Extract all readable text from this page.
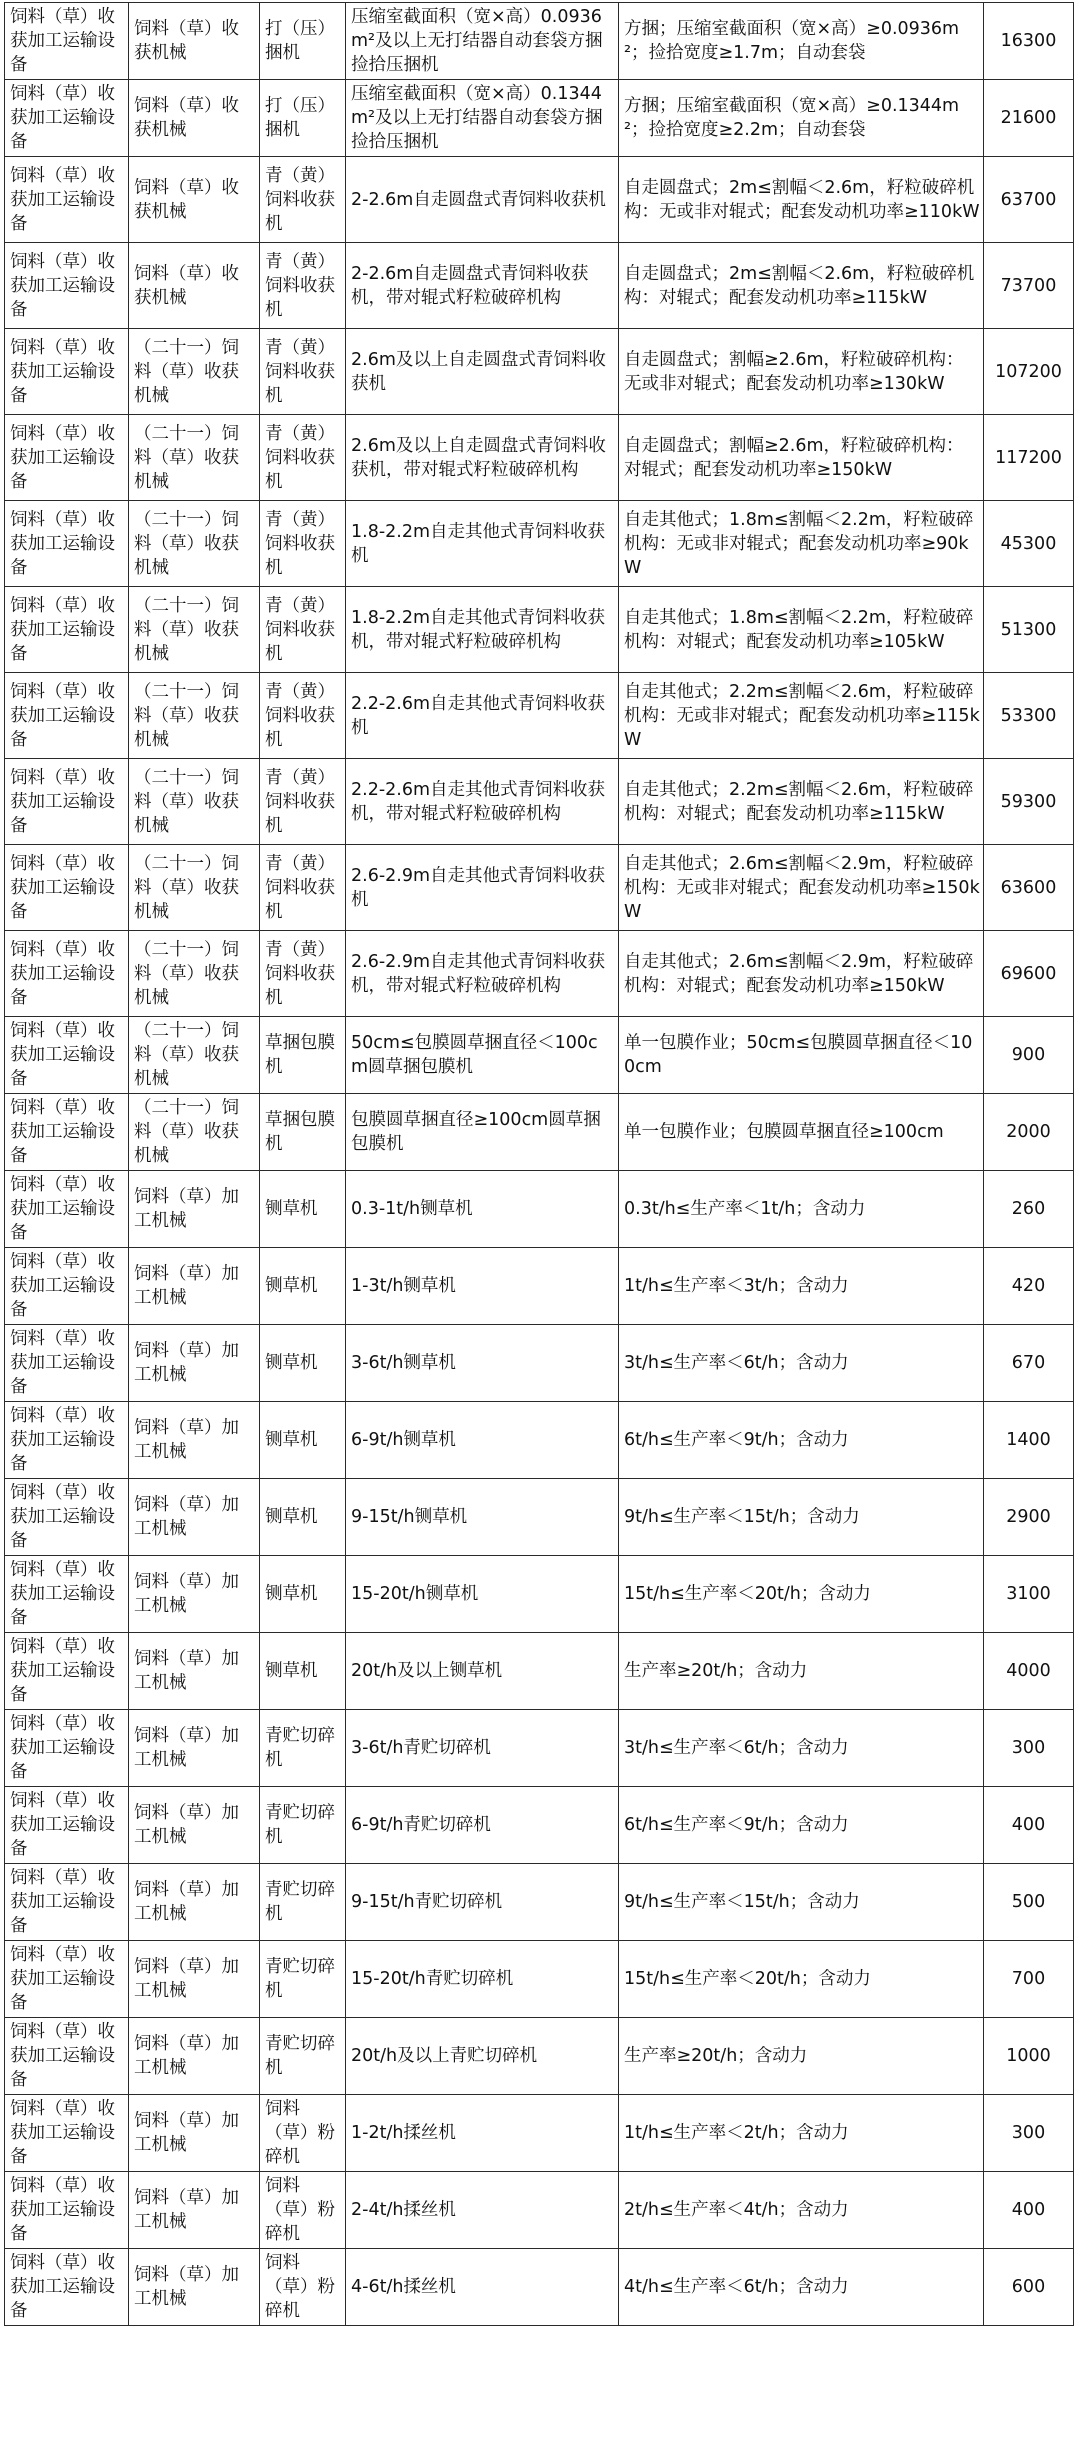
饲料（草）收获加工运输设备	饲料（草）收获机械	打（压）捆机	压缩室截面积（宽×高）0.0936m²及以上无打结器自动套袋方捆捡拾压捆机	方捆；压缩室截面积（宽×高）≥0.0936m²；捡拾宽度≥1.7m；自动套袋	16300
饲料（草）收获加工运输设备	饲料（草）收获机械	打（压）捆机	压缩室截面积（宽×高）0.1344m²及以上无打结器自动套袋方捆捡拾压捆机	方捆；压缩室截面积（宽×高）≥0.1344m²；捡拾宽度≥2.2m；自动套袋	21600
饲料（草）收获加工运输设备	饲料（草）收获机械	青（黄）饲料收获机	2-2.6m自走圆盘式青饲料收获机	自走圆盘式；2m≤割幅＜2.6m，籽粒破碎机构：无或非对辊式；配套发动机功率≥110kW	63700
饲料（草）收获加工运输设备	饲料（草）收获机械	青（黄）饲料收获机	2-2.6m自走圆盘式青饲料收获机，带对辊式籽粒破碎机构	自走圆盘式；2m≤割幅＜2.6m，籽粒破碎机构：对辊式；配套发动机功率≥115kW	73700
饲料（草）收获加工运输设备	（二十一）饲料（草）收获机械	青（黄）饲料收获机	2.6m及以上自走圆盘式青饲料收获机	自走圆盘式；割幅≥2.6m，籽粒破碎机构：无或非对辊式；配套发动机功率≥130kW	107200
饲料（草）收获加工运输设备	（二十一）饲料（草）收获机械	青（黄）饲料收获机	2.6m及以上自走圆盘式青饲料收获机，带对辊式籽粒破碎机构	自走圆盘式；割幅≥2.6m，籽粒破碎机构：对辊式；配套发动机功率≥150kW	117200
饲料（草）收获加工运输设备	（二十一）饲料（草）收获机械	青（黄）饲料收获机	1.8-2.2m自走其他式青饲料收获机	自走其他式；1.8m≤割幅＜2.2m，籽粒破碎机构：无或非对辊式；配套发动机功率≥90kW	45300
饲料（草）收获加工运输设备	（二十一）饲料（草）收获机械	青（黄）饲料收获机	1.8-2.2m自走其他式青饲料收获机，带对辊式籽粒破碎机构	自走其他式；1.8m≤割幅＜2.2m，籽粒破碎机构：对辊式；配套发动机功率≥105kW	51300
饲料（草）收获加工运输设备	（二十一）饲料（草）收获机械	青（黄）饲料收获机	2.2-2.6m自走其他式青饲料收获机	自走其他式；2.2m≤割幅＜2.6m，籽粒破碎机构：无或非对辊式；配套发动机功率≥115kW	53300
饲料（草）收获加工运输设备	（二十一）饲料（草）收获机械	青（黄）饲料收获机	2.2-2.6m自走其他式青饲料收获机，带对辊式籽粒破碎机构	自走其他式；2.2m≤割幅＜2.6m，籽粒破碎机构：对辊式；配套发动机功率≥115kW	59300
饲料（草）收获加工运输设备	（二十一）饲料（草）收获机械	青（黄）饲料收获机	2.6-2.9m自走其他式青饲料收获机	自走其他式；2.6m≤割幅＜2.9m，籽粒破碎机构：无或非对辊式；配套发动机功率≥150kW	63600
饲料（草）收获加工运输设备	（二十一）饲料（草）收获机械	青（黄）饲料收获机	2.6-2.9m自走其他式青饲料收获机，带对辊式籽粒破碎机构	自走其他式；2.6m≤割幅＜2.9m，籽粒破碎机构：对辊式；配套发动机功率≥150kW	69600
饲料（草）收获加工运输设备	（二十一）饲料（草）收获机械	草捆包膜机	50cm≤包膜圆草捆直径＜100cm圆草捆包膜机	单一包膜作业；50cm≤包膜圆草捆直径＜100cm	900
饲料（草）收获加工运输设备	（二十一）饲料（草）收获机械	草捆包膜机	包膜圆草捆直径≥100cm圆草捆包膜机	单一包膜作业；包膜圆草捆直径≥100cm	2000
饲料（草）收获加工运输设备	饲料（草）加工机械	铡草机	0.3-1t/h铡草机	0.3t/h≤生产率＜1t/h；含动力	260
饲料（草）收获加工运输设备	饲料（草）加工机械	铡草机	1-3t/h铡草机	1t/h≤生产率＜3t/h；含动力	420
饲料（草）收获加工运输设备	饲料（草）加工机械	铡草机	3-6t/h铡草机	3t/h≤生产率＜6t/h；含动力	670
饲料（草）收获加工运输设备	饲料（草）加工机械	铡草机	6-9t/h铡草机	6t/h≤生产率＜9t/h；含动力	1400
饲料（草）收获加工运输设备	饲料（草）加工机械	铡草机	9-15t/h铡草机	9t/h≤生产率＜15t/h；含动力	2900
饲料（草）收获加工运输设备	饲料（草）加工机械	铡草机	15-20t/h铡草机	15t/h≤生产率＜20t/h；含动力	3100
饲料（草）收获加工运输设备	饲料（草）加工机械	铡草机	20t/h及以上铡草机	生产率≥20t/h；含动力	4000
饲料（草）收获加工运输设备	饲料（草）加工机械	青贮切碎机	3-6t/h青贮切碎机	3t/h≤生产率＜6t/h；含动力	300
饲料（草）收获加工运输设备	饲料（草）加工机械	青贮切碎机	6-9t/h青贮切碎机	6t/h≤生产率＜9t/h；含动力	400
饲料（草）收获加工运输设备	饲料（草）加工机械	青贮切碎机	9-15t/h青贮切碎机	9t/h≤生产率＜15t/h；含动力	500
饲料（草）收获加工运输设备	饲料（草）加工机械	青贮切碎机	15-20t/h青贮切碎机	15t/h≤生产率＜20t/h；含动力	700
饲料（草）收获加工运输设备	饲料（草）加工机械	青贮切碎机	20t/h及以上青贮切碎机	生产率≥20t/h；含动力	1000
饲料（草）收获加工运输设备	饲料（草）加工机械	饲料（草）粉碎机	1-2t/h揉丝机	1t/h≤生产率＜2t/h；含动力	300
饲料（草）收获加工运输设备	饲料（草）加工机械	饲料（草）粉碎机	2-4t/h揉丝机	2t/h≤生产率＜4t/h；含动力	400
饲料（草）收获加工运输设备	饲料（草）加工机械	饲料（草）粉碎机	4-6t/h揉丝机	4t/h≤生产率＜6t/h；含动力	600
